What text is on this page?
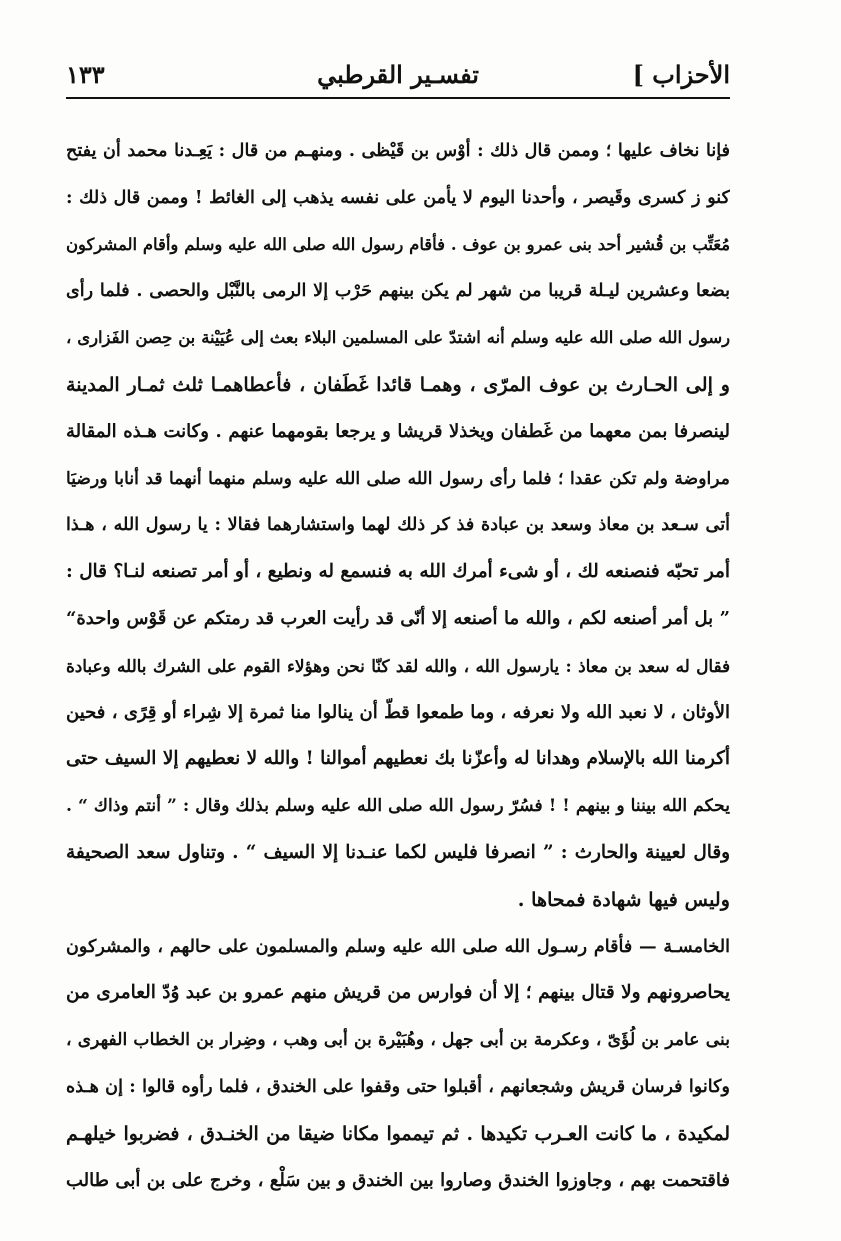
الأحزاب ]
تفسـير القرطبي
١٣٣
فإنا نخاف عليها ؛ وممن قال ذلك : أوْس بن قَيْظى . ومنهـم من قال : يَعِـدنا محمد أن يفتح
كنو ز كسرى وقَيصر ، وأحدنا اليوم لا يأمن على نفسه يذهب إلى الغائط ! وممن قال ذلك :
مُعَتِّب بن قُشير أحد بنى عمرو بن عوف . فأقام رسول الله صلى الله عليه وسلم وأقام المشركون
بضعا وعشرين ليـلة قريبا من شهر لم يكن بينهم حَرْب إلا الرمى بالنَّبْل والحصى . فلما رأى
رسول الله صلى الله عليه وسلم أنه اشتدّ على المسلمين البلاء بعث إلى عُيَيْنة بن حِصن الفَزارى ،
و إلى الحـارث بن عوف المرّى ، وهمـا قائدا غَطَفان ، فأعطاهمـا ثلث ثمـار المدينة
لينصرفا بمن معهما من غَطفان ويخذلا قريشا و يرجعا بقومهما عنهم . وكانت هـذه المقالة
مراوضة ولم تكن عقدا ؛ فلما رأى رسول الله صلى الله عليه وسلم منهما أنهما قد أنابا ورضيَا
أتى سـعد بن معاذ وسعد بن عبادة فذ كر ذلك لهما واستشارهما فقالا : يا رسول الله ، هـذا
أمر تحبّه فنصنعه لك ، أو شىء أمرك الله به فنسمع له ونطيع ، أو أمر تصنعه لنـا؟ قال :
” بل أمر أصنعه لكم ، والله ما أصنعه إلا أنّى قد رأيت العرب قد رمتكم عن قَوْس واحدة“
فقال له سعد بن معاذ : يارسول الله ، والله لقد كنّا نحن وهؤلاء القوم على الشرك بالله وعبادة
الأوثان ، لا نعبد الله ولا نعرفه ، وما طمعوا قطّ أن ينالوا منا ثمرة إلا شِراء أو قِرًى ، فحين
أكرمنا الله بالإسلام وهدانا له وأعزّنا بك نعطيهم أموالنا ! والله لا نعطيهم إلا السيف حتى
يحكم الله بيننا و بينهم ! ! فسُرّ رسول الله صلى الله عليه وسلم بذلك وقال : ” أنتم وذاك “ .
وقال لعيينة والحارث : ” انصرفا فليس لكما عنـدنا إلا السيف “ . وتناول سعد الصحيفة
وليس فيها شهادة فمحاها .
الخامسـة — فأقام رسـول الله صلى الله عليه وسلم والمسلمون على حالهم ، والمشركون
يحاصرونهم ولا قتال بينهم ؛ إلا أن فوارس من قريش منهم عمرو بن عبد وُدّ العامرى من
بنى عامر بن لُؤَىّ ، وعكرمة بن أبى جهل ، وهُبَيْرة بن أبى وهب ، وضِرار بن الخطاب الفهرى ،
وكانوا فرسان قريش وشجعانهم ، أقبلوا حتى وقفوا على الخندق ، فلما رأوه قالوا : إن هـذه
لمكيدة ، ما كانت العـرب تكيدها . ثم تيمموا مكانا ضيقا من الخنـدق ، فضربوا خيلهـم
فاقتحمت بهم ، وجاوزوا الخندق وصاروا بين الخندق و بين سَلْع ، وخرج على بن أبى طالب
